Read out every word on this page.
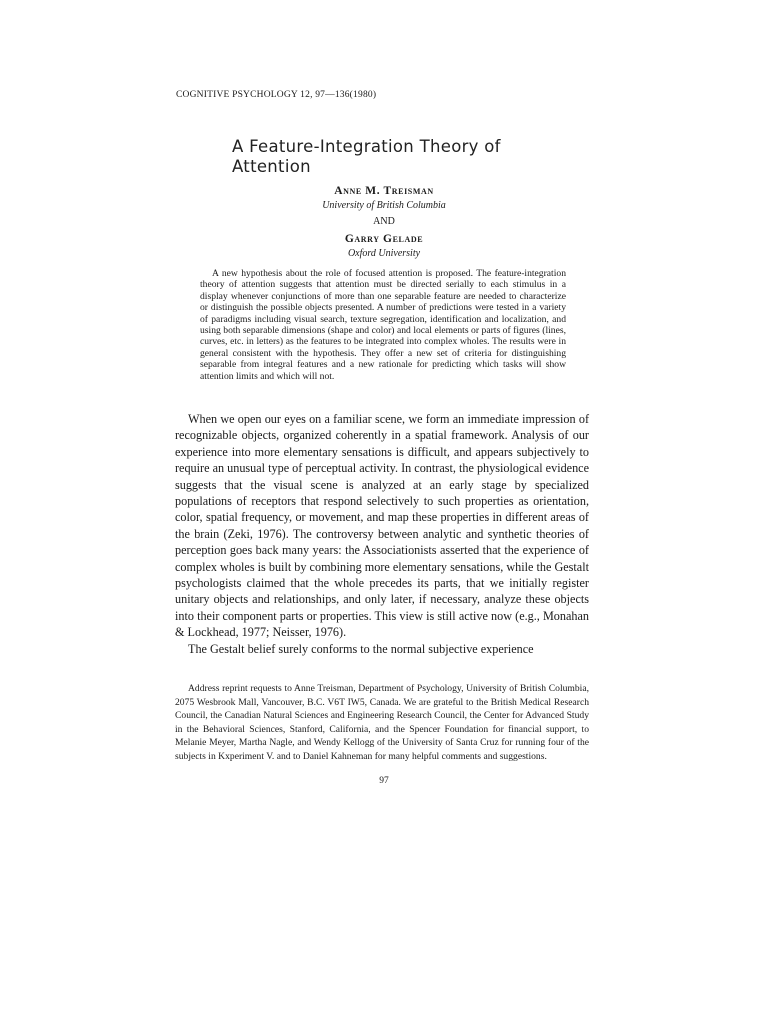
COGNITIVE PSYCHOLOGY 12, 97—136(1980)
A Feature-Integration Theory of Attention
Anne M. Treisman
University of British Columbia
AND
Garry Gelade
Oxford University

A new hypothesis about the role of focused attention is proposed. The feature-integration theory of attention suggests that attention must be directed serially to each stimulus in a display whenever conjunctions of more than one separable feature are needed to characterize or distinguish the possible objects presented. A number of predictions were tested in a variety of paradigms including visual search, texture segregation, identification and localization, and using both separable dimensions (shape and color) and local elements or parts of figures (lines, curves, etc. in letters) as the features to be integrated into complex wholes. The results were in general consistent with the hypothesis. They offer a new set of criteria for distinguishing separable from integral features and a new rationale for predicting which tasks will show attention limits and which will not.

When we open our eyes on a familiar scene, we form an immediate impression of recognizable objects, organized coherently in a spatial framework. Analysis of our experience into more elementary sensations is difficult, and appears subjectively to require an unusual type of perceptual activity. In contrast, the physiological evidence suggests that the visual scene is analyzed at an early stage by specialized populations of receptors that respond selectively to such properties as orientation, color, spatial frequency, or movement, and map these properties in different areas of the brain (Zeki, 1976). The controversy between analytic and synthetic theories of perception goes back many years: the Associationists asserted that the experience of complex wholes is built by combining more elementary sensations, while the Gestalt psychologists claimed that the whole precedes its parts, that we initially register unitary objects and relationships, and only later, if necessary, analyze these objects into their component parts or properties. This view is still active now (e.g., Monahan & Lockhead, 1977; Neisser, 1976).

The Gestalt belief surely conforms to the normal subjective experience

Address reprint requests to Anne Treisman, Department of Psychology, University of British Columbia, 2075 Wesbrook Mall, Vancouver, B.C. V6T IW5, Canada. We are grateful to the British Medical Research Council, the Canadian Natural Sciences and Engineering Research Council, the Center for Advanced Study in the Behavioral Sciences, Stanford, California, and the Spencer Foundation for financial support, to Melanie Meyer, Martha Nagle, and Wendy Kellogg of the University of Santa Cruz for running four of the subjects in Kxperiment V. and to Daniel Kahneman for many helpful comments and suggestions.

97
